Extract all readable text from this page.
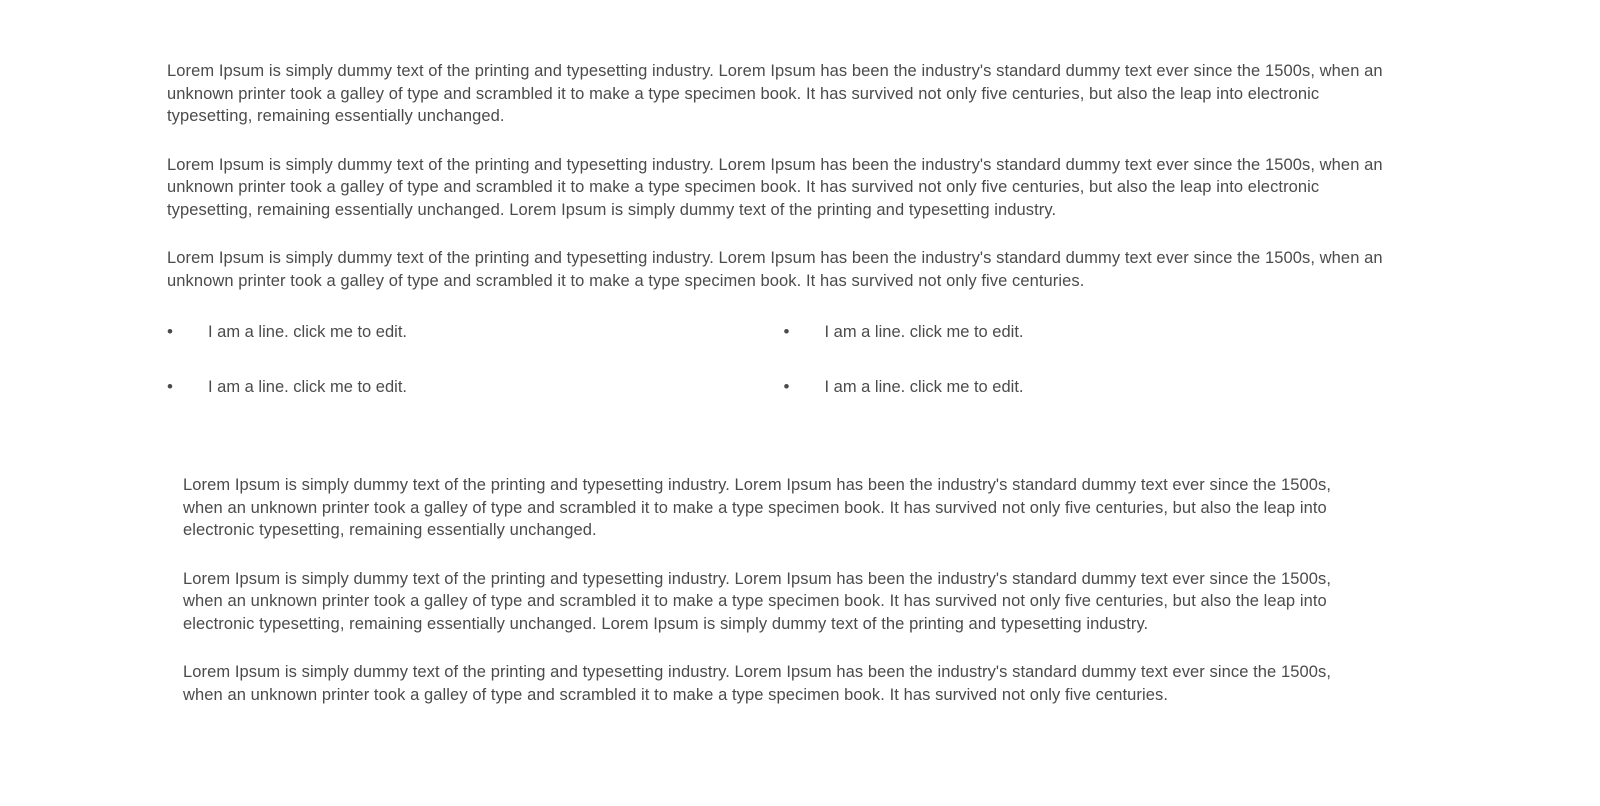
Lorem Ipsum is simply dummy text of the printing and typesetting industry. Lorem Ipsum has been the industry's standard dummy text ever since the 1500s, when an unknown printer took a galley of type and scrambled it to make a type specimen book. It has survived not only five centuries, but also the leap into electronic typesetting, remaining essentially unchanged.

Lorem Ipsum is simply dummy text of the printing and typesetting industry. Lorem Ipsum has been the industry's standard dummy text ever since the 1500s, when an unknown printer took a galley of type and scrambled it to make a type specimen book. It has survived not only five centuries, but also the leap into electronic typesetting, remaining essentially unchanged. Lorem Ipsum is simply dummy text of the printing and typesetting industry.

Lorem Ipsum is simply dummy text of the printing and typesetting industry. Lorem Ipsum has been the industry's standard dummy text ever since the 1500s, when an unknown printer took a galley of type and scrambled it to make a type specimen book. It has survived not only five centuries.

•	I am a line. click me to edit.	•	I am a line. click me to edit.
•	I am a line. click me to edit.	•	I am a line. click me to edit.

Lorem Ipsum is simply dummy text of the printing and typesetting industry. Lorem Ipsum has been the industry's standard dummy text ever since the 1500s, when an unknown printer took a galley of type and scrambled it to make a type specimen book. It has survived not only five centuries, but also the leap into electronic typesetting, remaining essentially unchanged.

Lorem Ipsum is simply dummy text of the printing and typesetting industry. Lorem Ipsum has been the industry's standard dummy text ever since the 1500s, when an unknown printer took a galley of type and scrambled it to make a type specimen book. It has survived not only five centuries, but also the leap into electronic typesetting, remaining essentially unchanged. Lorem Ipsum is simply dummy text of the printing and typesetting industry.

Lorem Ipsum is simply dummy text of the printing and typesetting industry. Lorem Ipsum has been the industry's standard dummy text ever since the 1500s, when an unknown printer took a galley of type and scrambled it to make a type specimen book. It has survived not only five centuries.
